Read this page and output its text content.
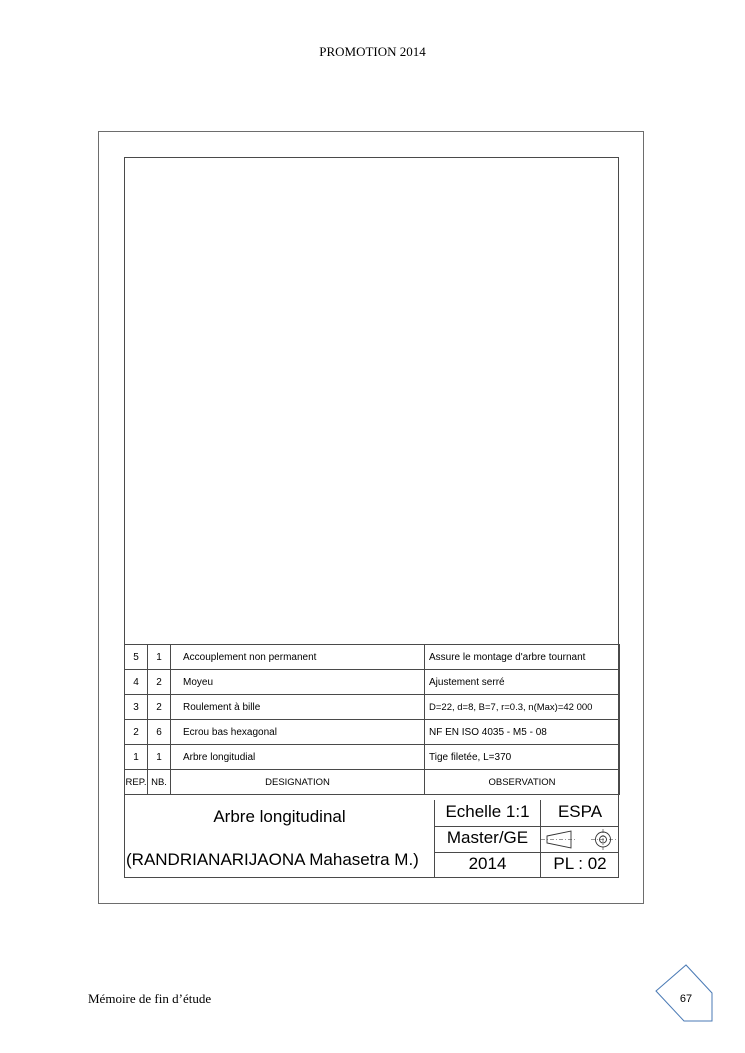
PROMOTION 2014
5	1	Accouplement non permanent	Assure le montage d'arbre tournant
4	2	Moyeu	Ajustement serré
3	2	Roulement à bille	D=22, d=8, B=7, r=0.3, n(Max)=42 000
2	6	Ecrou bas hexagonal	NF EN ISO 4035 - M5 - 08
1	1	Arbre longitudial	Tige filetée, L=370
REP.	NB.	DESIGNATION	OBSERVATION
Arbre longitudinal
(RANDRIANARIJAONA Mahasetra M.)
Echelle 1:1	ESPA
Master/GE
2014	PL : 02
Mémoire de fin d’étude	67
